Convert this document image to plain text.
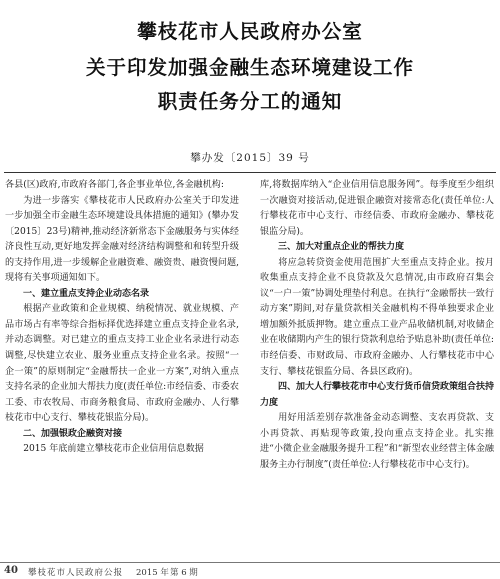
攀枝花市人民政府办公室
关于印发加强金融生态环境建设工作
职责任务分工的通知
攀办发〔2015〕39 号

各县(区)政府,市政府各部门,各企事业单位,各金融机构:

为进一步落实《攀枝花市人民政府办公室关于印发进一步加强全市金融生态环境建设具体措施的通知》(攀办发〔2015〕23号)精神,推动经济新常态下金融服务与实体经济良性互动,更好地发挥金融对经济结构调整和和转型升级的支持作用,进一步缓解企业融资难、融资贵、融资慢问题,现将有关事项通知如下。

一、建立重点支持企业动态名录

根据产业政策和企业规模、纳税情况、就业规模、产品市场占有率等综合指标择优选择建立重点支持企业名录,并动态调整。对已建立的重点支持工业企业名录进行动态调整,尽快建立农业、服务业重点支持企业名录。按照“一企一策”的原则制定“金融帮扶一企业一方案”,对纳入重点支持名录的企业加大帮扶力度(责任单位:市经信委、市委农工委、市农牧局、市商务粮食局、市政府金融办、人行攀枝花市中心支行、攀枝花银监分局)。

二、加强银政企融资对接

2015 年底前建立攀枝花市企业信用信息数据

库,将数据库纳入“企业信用信息服务网”。每季度至少组织一次融资对接活动,促进银企融资对接常态化(责任单位:人行攀枝花市中心支行、市经信委、市政府金融办、攀枝花银监分局)。

三、加大对重点企业的帮扶力度

将应急转贷资金使用范围扩大至重点支持企业。按月收集重点支持企业不良贷款及欠息情况,由市政府召集会议“一户一策”协调处理垫付利息。在执行“金融帮扶一致行动方案”期间,对存量贷款相关金融机构不得单独要求企业增加额外抵质押物。建立重点工业产品收储机制,对收储企业在收储期内产生的银行贷款利息给予贴息补助(责任单位:市经信委、市财政局、市政府金融办、人行攀枝花市中心支行、攀枝花银监分局、各县区政府)。

四、加大人行攀枝花市中心支行货币信贷政策组合扶持力度

用好用活差别存款准备金动态调整、支农再贷款、支小再贷款、再贴现等政策,投向重点支持企业。扎实推进“小微企业金融服务提升工程”和“新型农业经营主体金融服务主办行制度”(责任单位:人行攀枝花市中心支行)。

40 攀枝花市人民政府公报 2015 年 第 6 期
